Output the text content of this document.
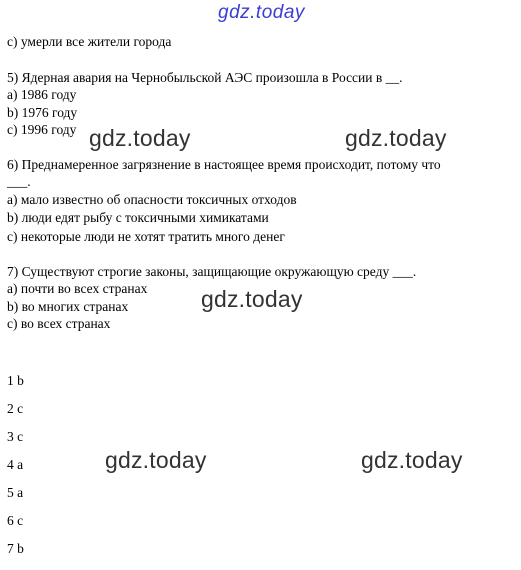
gdz.today
c) умерли все жители города
5) Ядерная авария на Чернобыльской АЭС произошла в России в __.
a) 1986 году
b) 1976 году
c) 1996 году gdz.today	gdz.today
6) Преднамеренное загрязнение в настоящее время происходит, потому что
___.
a) мало известно об опасности токсичных отходов
b) люди едят рыбу с токсичными химикатами
c) некоторые люди не хотят тратить много денег
7) Существуют строгие законы, защищающие окружающую среду ___.
a) почти во всех странах
b) во многих странах
c) во всех странах
gdz.today
1 b
2 c
3 c
4 a
5 a
6 c
7 b
gdz.today	gdz.today
